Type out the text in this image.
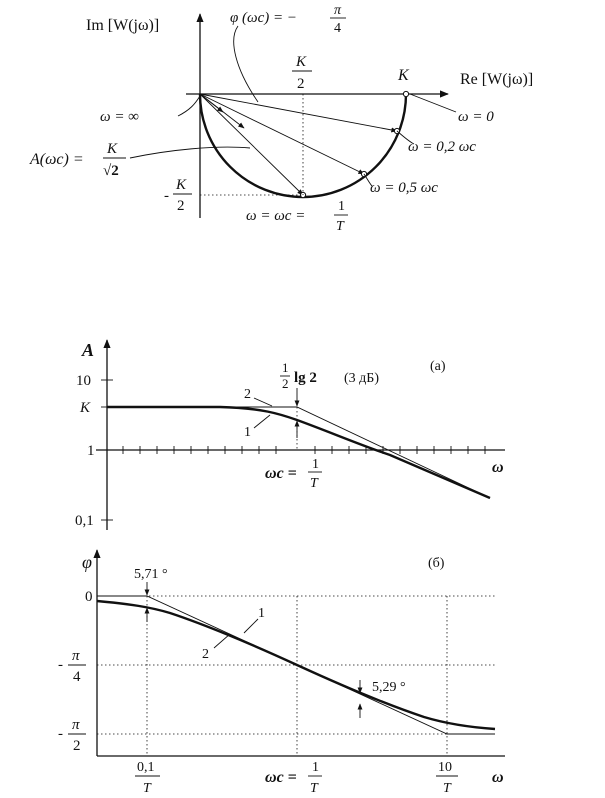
Im [W(jω)]
Re [W(jω)]
φ (ωc) = −	π
4
K
2	K
ω = ∞	ω = 0
ω = 0,2 ωc
ω = 0,5 ωc
A(ωc) =
K
√2
-
K
2
ω = ωc =
1
T
A
ω
(а)
10
K
1
0,1
1
2 lg 2 (3 дБ)
2
1
ωc =
1
T
φ
ω
(б)
0
-
π
4
-
π
2
5,71 °
5,29 °
1
2
0,1
T
ωc =
1
T
10
T
